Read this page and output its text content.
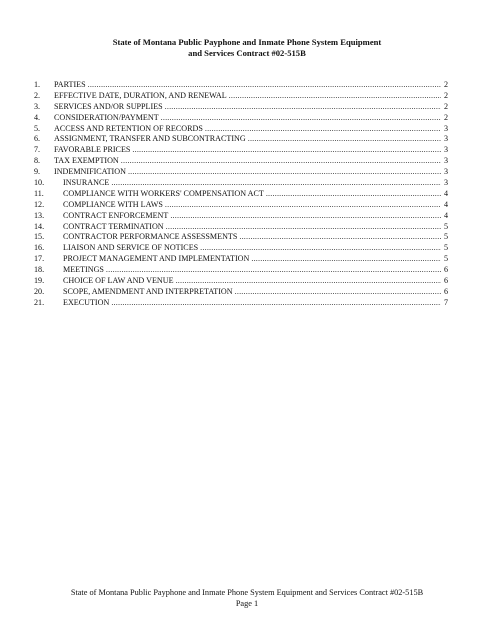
State of Montana Public Payphone and Inmate Phone System Equipment
and Services Contract #02-515B
1.	PARTIES .....	2
2.	EFFECTIVE DATE, DURATION, AND RENEWAL .....	2
3.	SERVICES AND/OR SUPPLIES .....	2
4.	CONSIDERATION/PAYMENT .....	2
5.	ACCESS AND RETENTION OF RECORDS .....	3
6.	ASSIGNMENT, TRANSFER AND SUBCONTRACTING .....	3
7.	FAVORABLE PRICES .....	3
8.	TAX EXEMPTION .....	3
9.	INDEMNIFICATION .....	3
10.	INSURANCE .....	3
11.	COMPLIANCE WITH WORKERS' COMPENSATION ACT .....	4
12.	COMPLIANCE WITH LAWS .....	4
13.	CONTRACT ENFORCEMENT .....	4
14.	CONTRACT TERMINATION .....	5
15.	CONTRACTOR PERFORMANCE ASSESSMENTS .....	5
16.	LIAISON AND SERVICE OF NOTICES .....	5
17.	PROJECT MANAGEMENT AND IMPLEMENTATION .....	5
18.	MEETINGS .....	6
19.	CHOICE OF LAW AND VENUE .....	6
20.	SCOPE, AMENDMENT AND INTERPRETATION .....	6
21.	EXECUTION .....	7
State of Montana Public Payphone and Inmate Phone System Equipment and Services Contract #02-515B
Page 1
